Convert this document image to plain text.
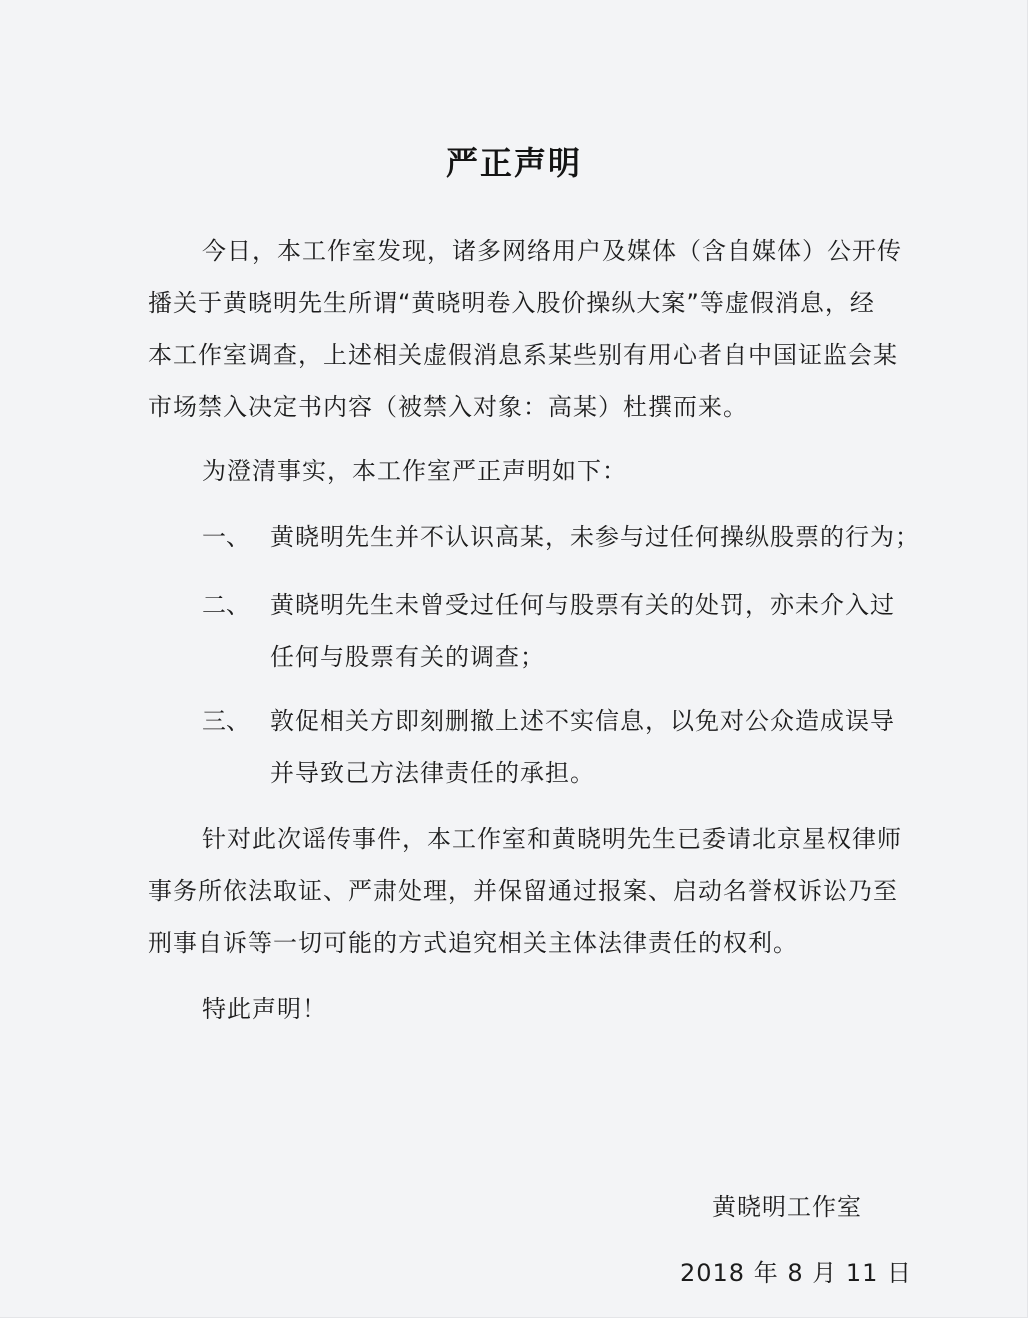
严正声明
今日，本工作室发现，诸多网络用户及媒体（含自媒体）公开传
播关于黄晓明先生所谓“黄晓明卷入股价操纵大案”等虚假消息，经
本工作室调查，上述相关虚假消息系某些别有用心者自中国证监会某
市场禁入决定书内容（被禁入对象：高某）杜撰而来。
为澄清事实，本工作室严正声明如下：
一、 黄晓明先生并不认识高某，未参与过任何操纵股票的行为；
二、 黄晓明先生未曾受过任何与股票有关的处罚，亦未介入过
任何与股票有关的调查；
三、 敦促相关方即刻删撤上述不实信息，以免对公众造成误导
并导致己方法律责任的承担。
针对此次谣传事件，本工作室和黄晓明先生已委请北京星权律师
事务所依法取证、严肃处理，并保留通过报案、启动名誉权诉讼乃至
刑事自诉等一切可能的方式追究相关主体法律责任的权利。
特此声明！
黄晓明工作室
2018 年 8 月 11 日
